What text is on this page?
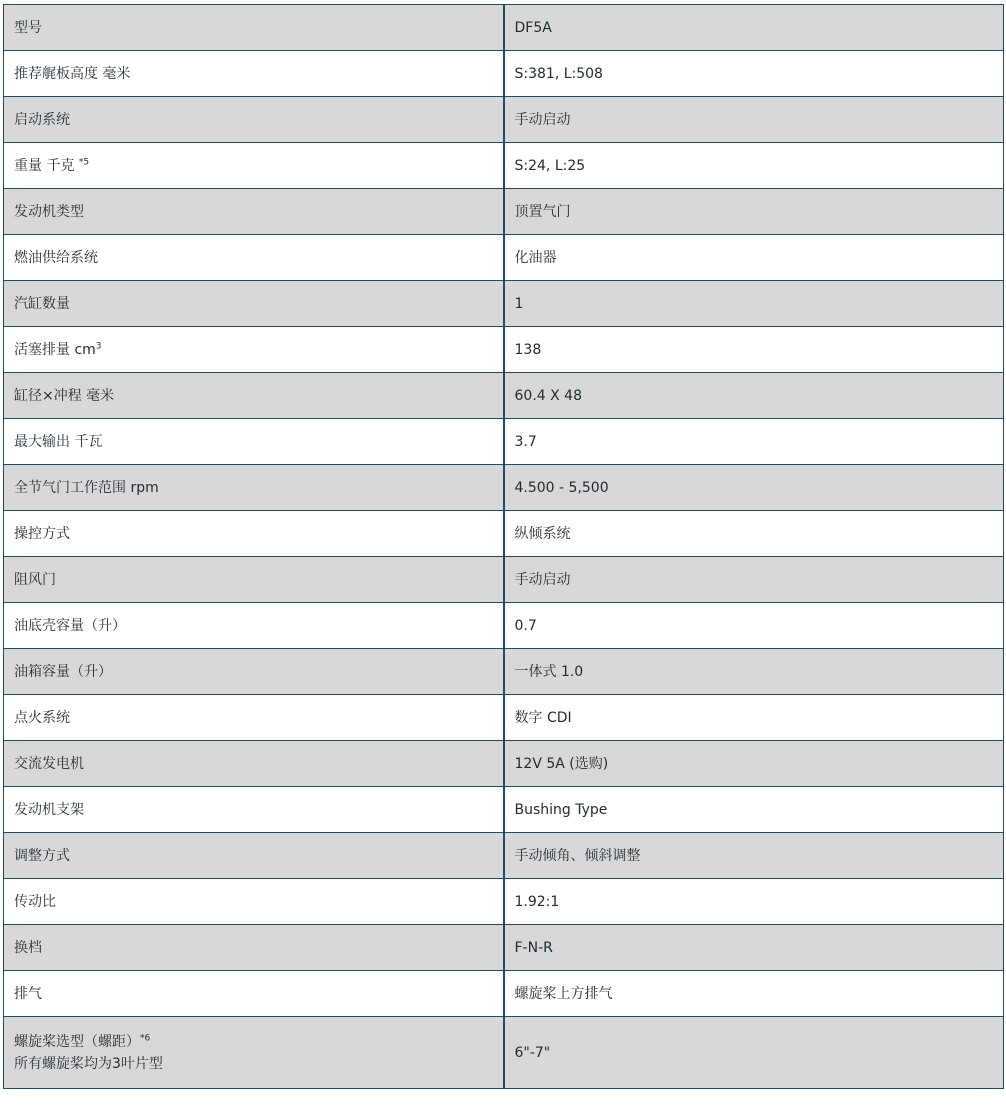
型号	DF5A
推荐艉板高度 毫米	S:381, L:508
启动系统	手动启动
重量 千克 $^{*5}$	S:24, L:25
发动机类型	顶置气门
燃油供给系统	化油器
汽缸数量	1
活塞排量 $cm^3$	138
缸径×冲程 毫米	60.4 X 48
最大输出 千瓦	3.7
全节气门工作范围 rpm	4.500 - 5,500
操控方式	纵倾系统
阻风门	手动启动
油底壳容量（升）	0.7
油箱容量（升）	一体式 1.0
点火系统	数字 CDI
交流发电机	12V 5A (选购)
发动机支架	Bushing Type
调整方式	手动倾角、倾斜调整
传动比	1.92:1
换档	F-N-R
排气	螺旋桨上方排气

螺旋桨选型（螺距）$^{*6}$
所有螺旋桨均为3叶片型	6"-7"
